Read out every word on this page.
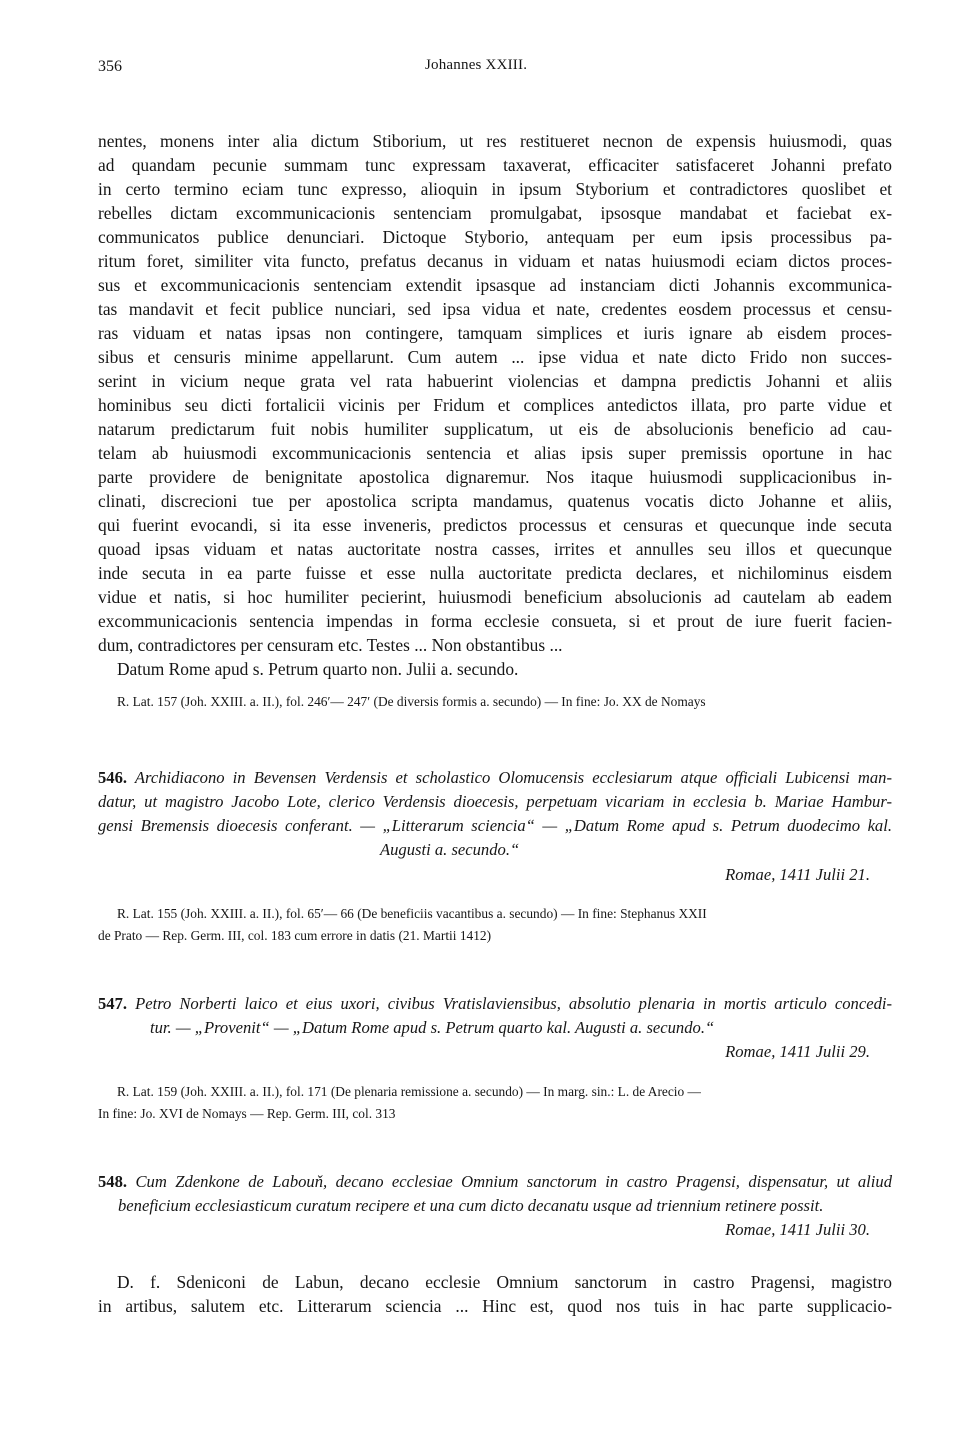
356	Johannes XXIII.
nentes, monens inter alia dictum Stiborium, ut res restitueret necnon de expensis huiusmodi, quas
ad quandam pecunie summam tunc expressam taxaverat, efficaciter satisfaceret Johanni prefato
in certo termino eciam tunc expresso, alioquin in ipsum Styborium et contradictores quoslibet et
rebelles dictam excommunicacionis sentenciam promulgabat, ipsosque mandabat et faciebat ex-
communicatos publice denunciari. Dictoque Styborio, antequam per eum ipsis processibus pa-
ritum foret, similiter vita functo, prefatus decanus in viduam et natas huiusmodi eciam dictos proces-
sus et excommunicacionis sentenciam extendit ipsasque ad instanciam dicti Johannis excommunica-
tas mandavit et fecit publice nunciari, sed ipsa vidua et nate, credentes eosdem processus et censu-
ras viduam et natas ipsas non contingere, tamquam simplices et iuris ignare ab eisdem proces-
sibus et censuris minime appellarunt. Cum autem ... ipse vidua et nate dicto Frido non succes-
serint in vicium neque grata vel rata habuerint violencias et dampna predictis Johanni et aliis
hominibus seu dicti fortalicii vicinis per Fridum et complices antedictos illata, pro parte vidue et
natarum predictarum fuit nobis humiliter supplicatum, ut eis de absolucionis beneficio ad cau-
telam ab huiusmodi excommunicacionis sentencia et alias ipsis super premissis oportune in hac
parte providere de benignitate apostolica dignaremur. Nos itaque huiusmodi supplicacionibus in-
clinati, discrecioni tue per apostolica scripta mandamus, quatenus vocatis dicto Johanne et aliis,
qui fuerint evocandi, si ita esse inveneris, predictos processus et censuras et quecunque inde secuta
quoad ipsas viduam et natas auctoritate nostra casses, irrites et annulles seu illos et quecunque
inde secuta in ea parte fuisse et esse nulla auctoritate predicta declares, et nichilominus eisdem
vidue et natis, si hoc humiliter pecierint, huiusmodi beneficium absolucionis ad cautelam ab eadem
excommunicacionis sentencia impendas in forma ecclesie consueta, si et prout de iure fuerit facien-
dum, contradictores per censuram etc. Testes ... Non obstantibus ...
Datum Rome apud s. Petrum quarto non. Julii a. secundo.
R. Lat. 157 (Joh. XXIII. a. II.), fol. 246′— 247′ (De diversis formis a. secundo) — In fine: Jo. XX de Nomays
546. Archidiacono in Bevensen Verdensis et scholastico Olomucensis ecclesiarum atque officiali Lubicensi man-
datur, ut magistro Jacobo Lote, clerico Verdensis dioecesis, perpetuam vicariam in ecclesia b. Mariae Hambur-
gensi Bremensis dioecesis conferant. — „Litterarum sciencia“ — „Datum Rome apud s. Petrum duodecimo kal.
Augusti a. secundo.“
Romae, 1411 Julii 21.
R. Lat. 155 (Joh. XXIII. a. II.), fol. 65′— 66 (De beneficiis vacantibus a. secundo) — In fine: Stephanus XXII
de Prato — Rep. Germ. III, col. 183 cum errore in datis (21. Martii 1412)
547. Petro Norberti laico et eius uxori, civibus Vratislaviensibus, absolutio plenaria in mortis articulo concedi-
tur. — „Provenit“ — „Datum Rome apud s. Petrum quarto kal. Augusti a. secundo.“
Romae, 1411 Julii 29.
R. Lat. 159 (Joh. XXIII. a. II.), fol. 171 (De plenaria remissione a. secundo) — In marg. sin.: L. de Arecio —
In fine: Jo. XVI de Nomays — Rep. Germ. III, col. 313
548. Cum Zdenkone de Labouň, decano ecclesiae Omnium sanctorum in castro Pragensi, dispensatur, ut aliud
beneficium ecclesiasticum curatum recipere et una cum dicto decanatu usque ad triennium retinere possit.
Romae, 1411 Julii 30.
D. f. Sdeniconi de Labun, decano ecclesie Omnium sanctorum in castro Pragensi, magistro
in artibus, salutem etc. Litterarum sciencia ... Hinc est, quod nos tuis in hac parte supplicacio-
